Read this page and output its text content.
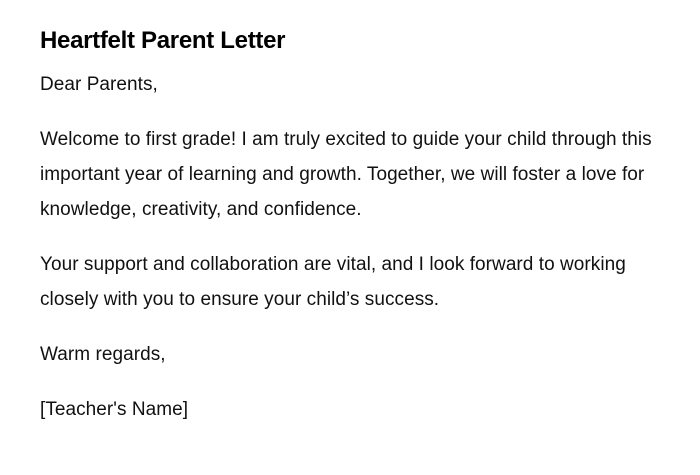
Heartfelt Parent Letter

Dear Parents,

Welcome to first grade! I am truly excited to guide your child through this important year of learning and growth. Together, we will foster a love for knowledge, creativity, and confidence.

Your support and collaboration are vital, and I look forward to working closely with you to ensure your child’s success.

Warm regards,

[Teacher's Name]
